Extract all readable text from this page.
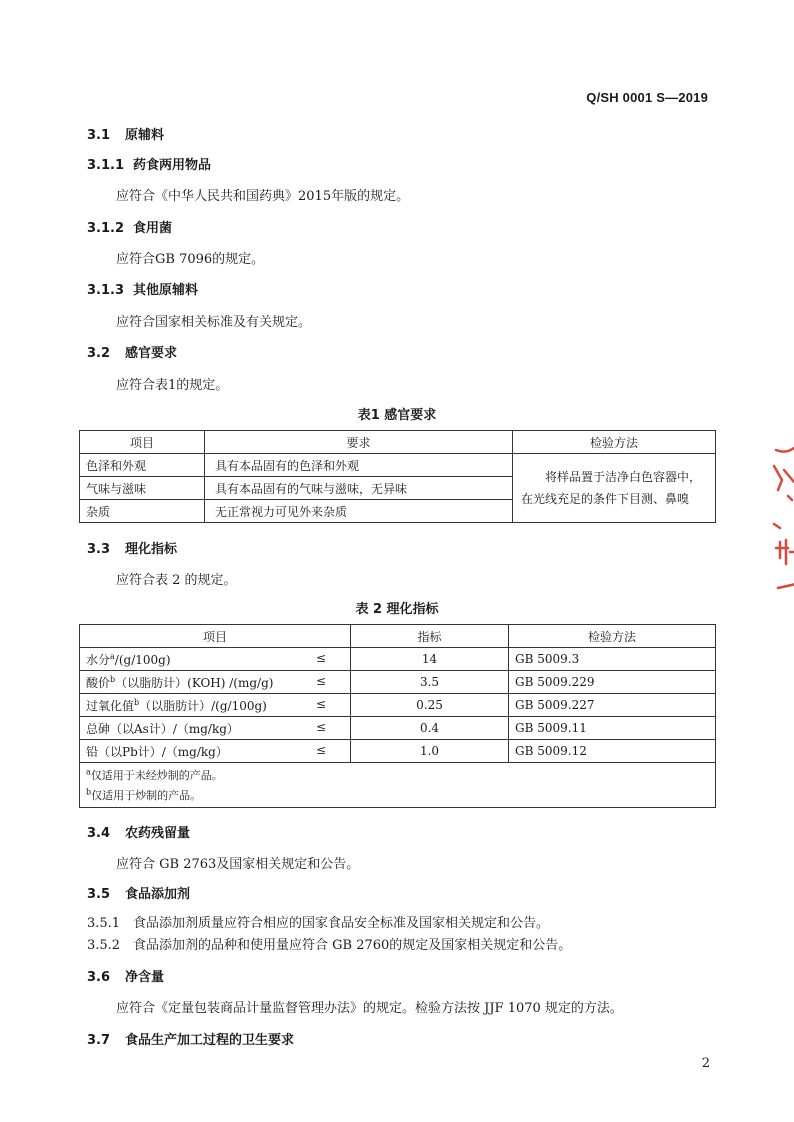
Q/SH 0001 S—2019
3.1 原辅料
3.1.1 药食两用物品
应符合《中华人民共和国药典》2015年版的规定。
3.1.2 食用菌
应符合GB 7096的规定。
3.1.3 其他原辅料
应符合国家相关标准及有关规定。
3.2 感官要求
应符合表1的规定。
表1 感官要求
项目	要求	检验方法
色泽和外观	具有本品固有的色泽和外观	将样品置于洁净白色容器中，在光线充足的条件下目测、鼻嗅

气味与滋味	具有本品固有的气味与滋味，无异味	
杂质	无正常视力可见外来杂质	
3.3 理化指标
应符合表 2 的规定。
表 2 理化指标
项目	指标	检验方法
水分$^a$/(g/100g) ≤	14	GB 5009.3
酸价$^b$（以脂肪计）(KOH) /(mg/g) ≤	3.5	GB 5009.229
过氧化值$^b$（以脂肪计）/(g/100g) ≤	0.25	GB 5009.227
总砷（以As计）/（mg/kg） ≤	0.4	GB 5009.11
铅（以Pb计）/（mg/kg） ≤	1.0	GB 5009.12
$^a$仅适用于未经炒制的产品。		
$^b$仅适用于炒制的产品。		
3.4 农药残留量
应符合 GB 2763及国家相关规定和公告。
3.5 食品添加剂
3.5.1 食品添加剂质量应符合相应的国家食品安全标准及国家相关规定和公告。
3.5.2 食品添加剂的品种和使用量应符合 GB 2760的规定及国家相关规定和公告。
3.6 净含量
应符合《定量包装商品计量监督管理办法》的规定。检验方法按 JJF 1070 规定的方法。
3.7 食品生产加工过程的卫生要求
2
